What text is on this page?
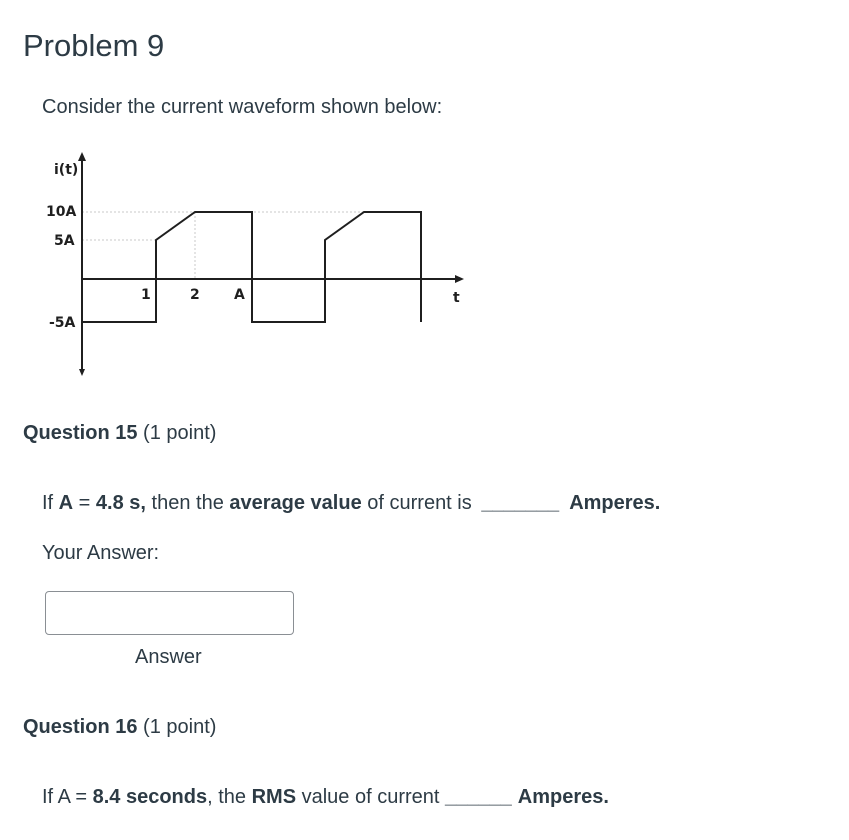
Problem 9
Consider the current waveform shown below:
i(t)
10A
5A
-5A
1	2 A	t
Question 15 (1 point)
If A = 4.8 s, then the average value of current is _______ Amperes.
Your Answer:
Answer
Question 16 (1 point)
If A = 8.4 seconds, the RMS value of current ______ Amperes.
